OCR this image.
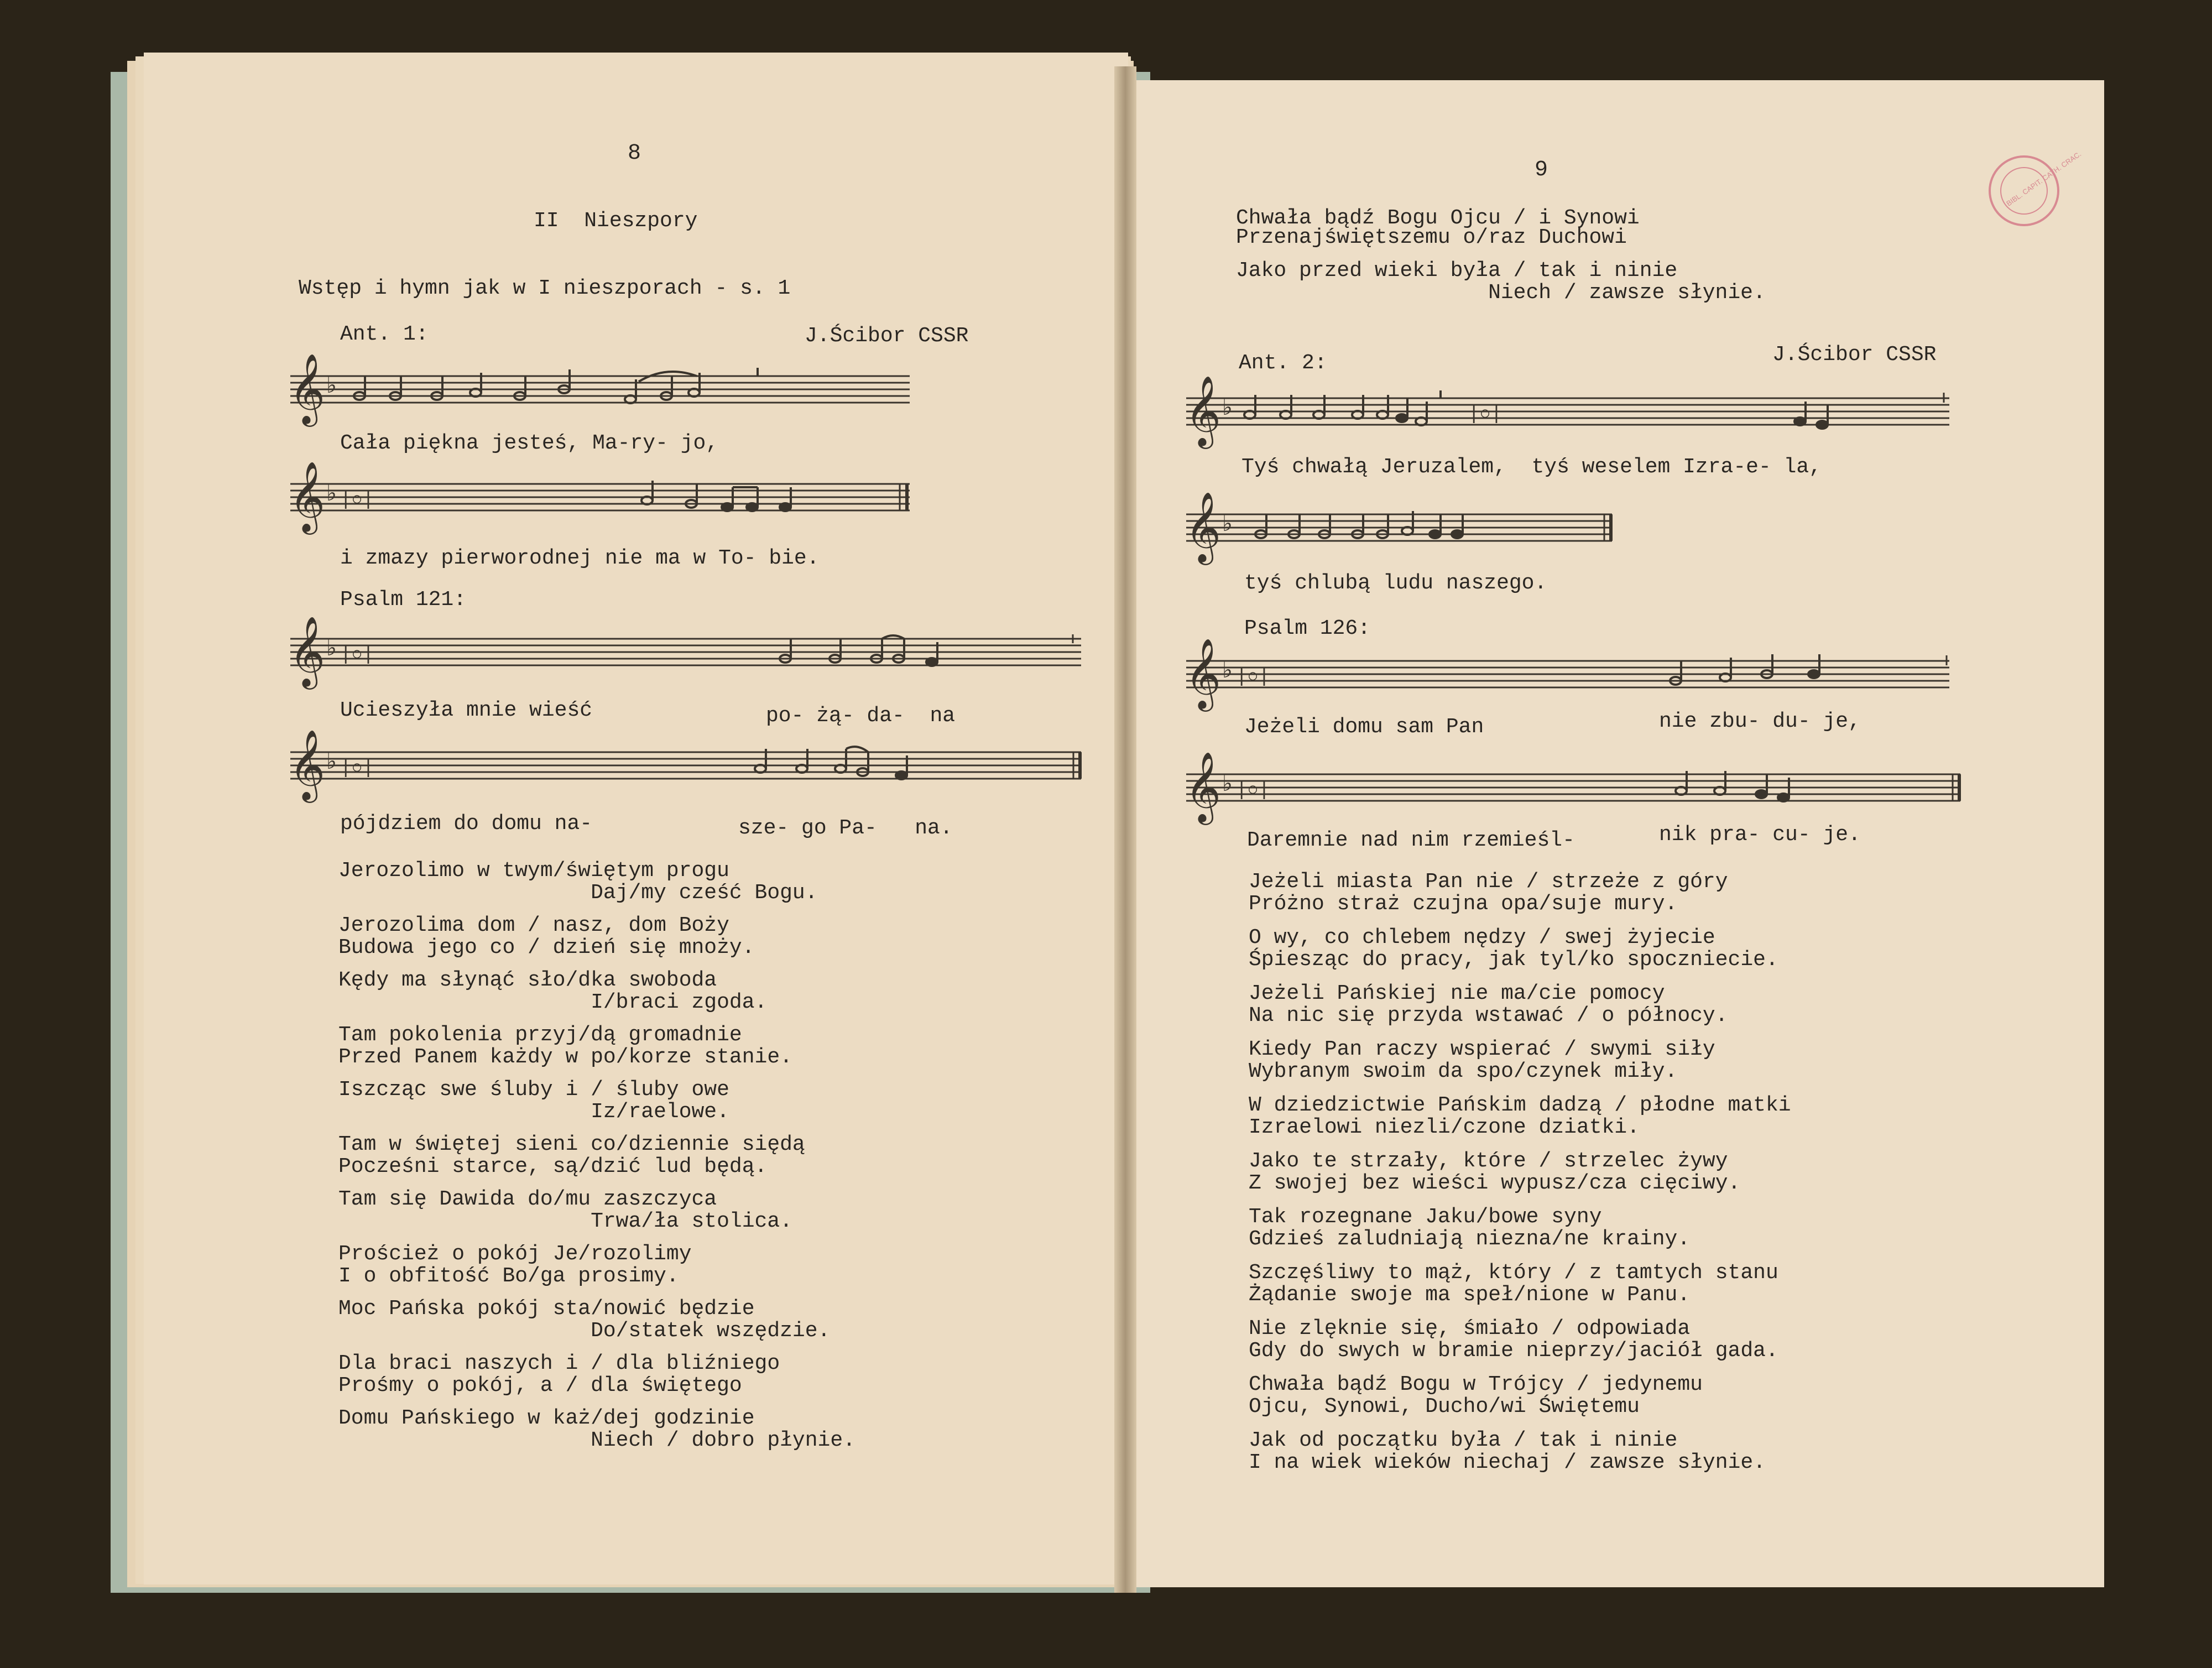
8
II  Nieszpory
Wstęp i hymn jak w I nieszporach - s. 1
Ant. 1:	J.Ścibor CSSR
𝄞 ♭
Cała piękna jesteś, Ma-ry- jo,
𝄞 ♭ |○|
i zmazy pierworodnej nie ma w To- bie.
Psalm 121:
𝄞 ♭ |○|
Ucieszyła mnie wieść	po- żą- da-  na
𝄞 ♭ |○|
pójdziem do domu na-	sze- go Pa-   na.
Jerozolimo w twym/świętym progu
Daj/my cześć Bogu.
Jerozolima dom / nasz, dom Boży
Budowa jego co / dzień się mnoży.
Kędy ma słynąć sło/dka swoboda
I/braci zgoda.
Tam pokolenia przyj/dą gromadnie
Przed Panem każdy w po/korze stanie.
Iszcząc swe śluby i / śluby owe
Iz/raelowe.
Tam w świętej sieni co/dziennie siędą
Pocześni starce, są/dzić lud będą.
Tam się Dawida do/mu zaszczyca
Trwa/ła stolica.
Proścież o pokój Je/rozolimy
I o obfitość Bo/ga prosimy.
Moc Pańska pokój sta/nowić będzie
Do/statek wszędzie.
Dla braci naszych i / dla bliźniego
Prośmy o pokój, a / dla świętego
Domu Pańskiego w każ/dej godzinie
Niech / dobro płynie.
9
Chwała bądź Bogu Ojcu / i Synowi
Przenajświętszemu o/raz Duchowi
Jako przed wieki była / tak i ninie
Niech / zawsze słynie.
Ant. 2:	J.Ścibor CSSR
𝄞 ♭	|○|
Tyś chwałą Jeruzalem,  tyś weselem Izra-e- la,
𝄞 ♭
tyś chlubą ludu naszego.
Psalm 126:
𝄞 ♭ |○|
Jeżeli domu sam Pan	nie zbu- du- je,
𝄞 ♭ |○|
Daremnie nad nim rzemieśl-	nik pra- cu- je.
Jeżeli miasta Pan nie / strzeże z góry
Próżno straż czujna opa/suje mury.
O wy, co chlebem nędzy / swej żyjecie
Śpiesząc do pracy, jak tyl/ko spoczniecie.
Jeżeli Pańskiej nie ma/cie pomocy
Na nic się przyda wstawać / o północy.
Kiedy Pan raczy wspierać / swymi siły
Wybranym swoim da spo/czynek miły.
W dziedzictwie Pańskim dadzą / płodne matki
Izraelowi niezli/czone dziatki.
Jako te strzały, które / strzelec żywy
Z swojej bez wieści wypusz/cza cięciwy.
Tak rozegnane Jaku/bowe syny
Gdzieś zaludniają niezna/ne krainy.
Szczęśliwy to mąż, który / z tamtych stanu
Żądanie swoje ma speł/nione w Panu.
Nie zlęknie się, śmiało / odpowiada
Gdy do swych w bramie nieprzy/jaciół gada.
Chwała bądź Bogu w Trójcy / jedynemu
Ojcu, Synowi, Ducho/wi Świętemu
Jak od początku była / tak i ninie
I na wiek wieków niechaj / zawsze słynie.
BIBL. CAPIT. CATH. CRAC.
